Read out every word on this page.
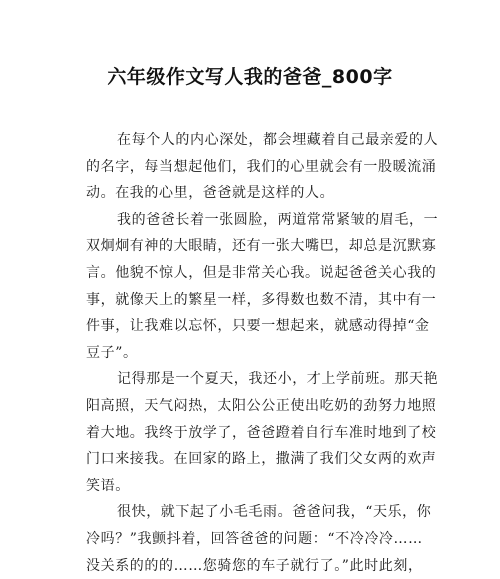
六年级作文写人我的爸爸_800字
在每个人的内心深处，都会埋藏着自己最亲爱的人
的名字，每当想起他们，我们的心里就会有一股暖流涌
动。在我的心里，爸爸就是这样的人。
我的爸爸长着一张圆脸，两道常常紧皱的眉毛，一
双炯炯有神的大眼睛，还有一张大嘴巴，却总是沉默寡
言。他貌不惊人，但是非常关心我。说起爸爸关心我的
事，就像天上的繁星一样，多得数也数不清，其中有一
件事，让我难以忘怀，只要一想起来，就感动得掉“金
豆子”。
记得那是一个夏天，我还小，才上学前班。那天艳
阳高照，天气闷热，太阳公公正使出吃奶的劲努力地照
着大地。我终于放学了，爸爸蹬着自行车准时地到了校
门口来接我。在回家的路上，撒满了我们父女两的欢声
笑语。
很快，就下起了小毛毛雨。爸爸问我，“天乐，你
冷吗？”我颤抖着，回答爸爸的问题：“不冷冷冷……
没关系的的的……您骑您的车子就行了。”此时此刻，
